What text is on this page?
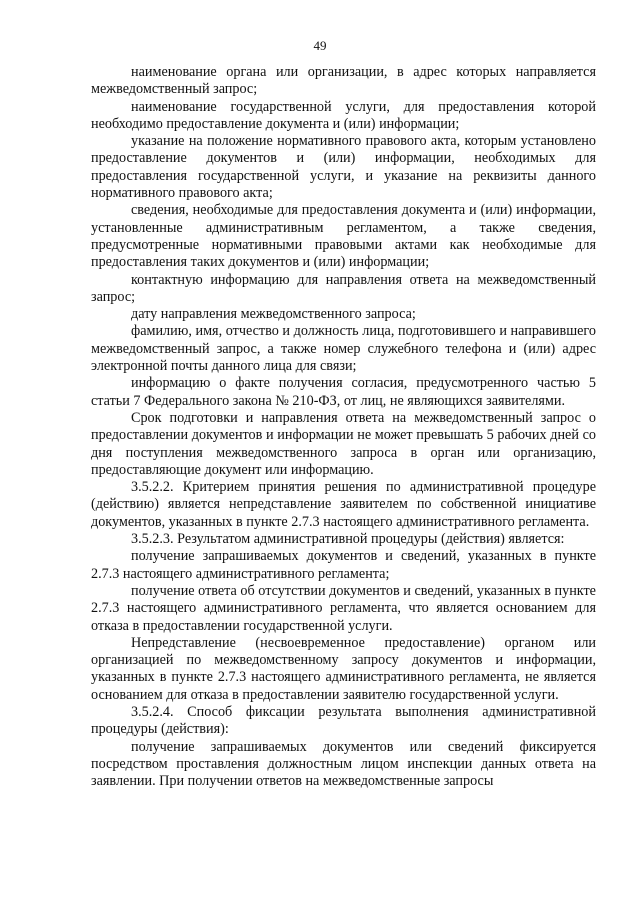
49

наименование органа или организации, в адрес которых направляется межведомственный запрос;

наименование государственной услуги, для предоставления которой необходимо предоставление документа и (или) информации;

указание на положение нормативного правового акта, которым установлено предоставление документов и (или) информации, необходимых для предоставления государственной услуги, и указание на реквизиты данного нормативного правового акта;

сведения, необходимые для предоставления документа и (или) информации, установленные административным регламентом, а также сведения, предусмотренные нормативными правовыми актами как необходимые для предоставления таких документов и (или) информации;

контактную информацию для направления ответа на межведомственный запрос;

дату направления межведомственного запроса;

фамилию, имя, отчество и должность лица, подготовившего и направившего межведомственный запрос, а также номер служебного телефона и (или) адрес электронной почты данного лица для связи;

информацию о факте получения согласия, предусмотренного частью 5 статьи 7 Федерального закона № 210-ФЗ, от лиц, не являющихся заявителями.

Срок подготовки и направления ответа на межведомственный запрос о предоставлении документов и информации не может превышать 5 рабочих дней со дня поступления межведомственного запроса в орган или организацию, предоставляющие документ или информацию.

3.5.2.2. Критерием принятия решения по административной процедуре (действию) является непредставление заявителем по собственной инициативе документов, указанных в пункте 2.7.3 настоящего административного регламента.

3.5.2.3. Результатом административной процедуры (действия) является:

получение запрашиваемых документов и сведений, указанных в пункте 2.7.3 настоящего административного регламента;

получение ответа об отсутствии документов и сведений, указанных в пункте 2.7.3 настоящего административного регламента, что является основанием для отказа в предоставлении государственной услуги.

Непредставление (несвоевременное предоставление) органом или организацией по межведомственному запросу документов и информации, указанных в пункте 2.7.3 настоящего административного регламента, не является основанием для отказа в предоставлении заявителю государственной услуги.

3.5.2.4. Способ фиксации результата выполнения административной процедуры (действия):

получение запрашиваемых документов или сведений фиксируется посредством проставления должностным лицом инспекции данных ответа на заявлении. При получении ответов на межведомственные запросы
